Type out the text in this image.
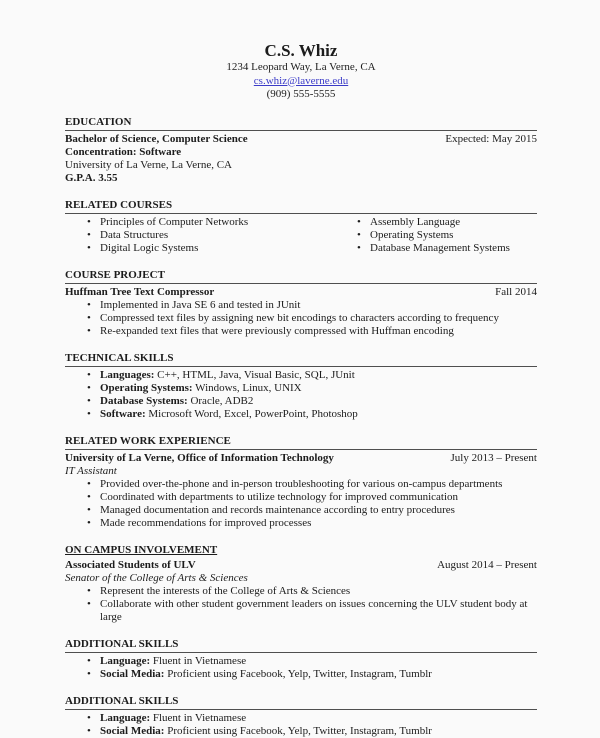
C.S. Whiz
1234 Leopard Way, La Verne, CA
cs.whiz@laverne.edu
(909) 555-5555
EDUCATION
Bachelor of Science, Computer Science	Expected: May 2015
Concentration: Software
University of La Verne, La Verne, CA
G.P.A. 3.55
RELATED COURSES
• Principles of Computer Networks
• Data Structures
• Digital Logic Systems
• Assembly Language
• Operating Systems
• Database Management Systems
COURSE PROJECT
Huffman Tree Text Compressor	Fall 2014
• Implemented in Java SE 6 and tested in JUnit
• Compressed text files by assigning new bit encodings to characters according to frequency
• Re-expanded text files that were previously compressed with Huffman encoding
TECHNICAL SKILLS
• Languages: C++, HTML, Java, Visual Basic, SQL, JUnit
• Operating Systems: Windows, Linux, UNIX
• Database Systems: Oracle, ADB2
• Software: Microsoft Word, Excel, PowerPoint, Photoshop
RELATED WORK EXPERIENCE
University of La Verne, Office of Information Technology	July 2013 – Present
IT Assistant
• Provided over-the-phone and in-person troubleshooting for various on-campus departments
• Coordinated with departments to utilize technology for improved communication
• Managed documentation and records maintenance according to entry procedures
• Made recommendations for improved processes
ON CAMPUS INVOLVEMENT
Associated Students of ULV	August 2014 – Present
Senator of the College of Arts & Sciences
• Represent the interests of the College of Arts & Sciences
• Collaborate with other student government leaders on issues concerning the ULV student body at large
ADDITIONAL SKILLS
• Language: Fluent in Vietnamese
• Social Media: Proficient using Facebook, Yelp, Twitter, Instagram, Tumblr
ADDITIONAL SKILLS
• Language: Fluent in Vietnamese
• Social Media: Proficient using Facebook, Yelp, Twitter, Instagram, Tumblr
